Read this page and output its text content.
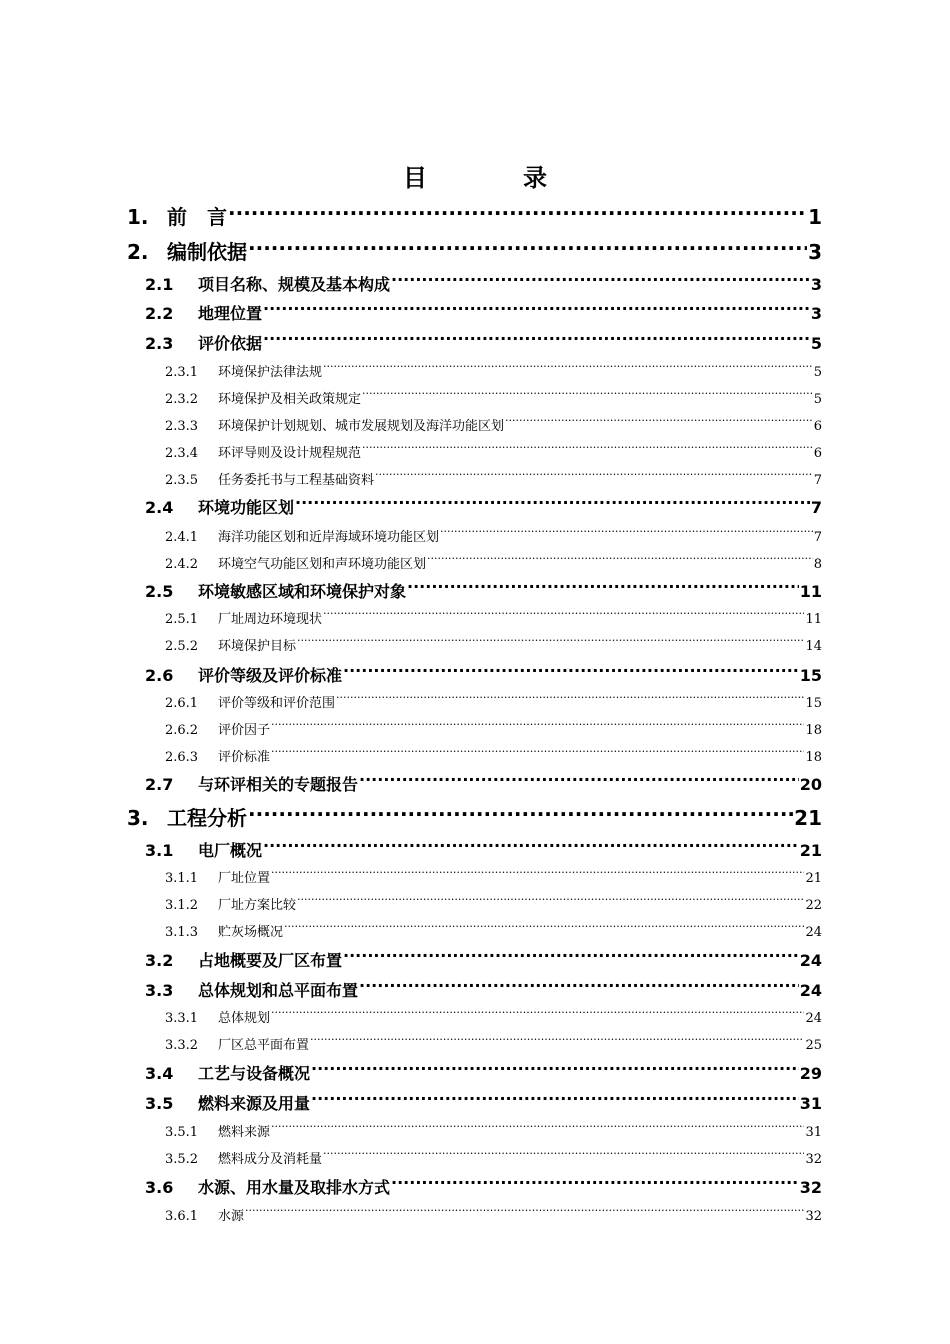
目　录
1. 前　言 .....	1
2. 编制依据 .....	3
2.1	项目名称、规模及基本构成 .....	3
2.2	地理位置 .....	3
2.3	评价依据 .....	5
2.3.1	环境保护法律法规 .....	5
2.3.2	环境保护及相关政策规定 .....	5
2.3.3	环境保护计划规划、城市发展规划及海洋功能区划 .....	6
2.3.4	环评导则及设计规程规范 .....	6
2.3.5	任务委托书与工程基础资料 .....	7
2.4	环境功能区划 .....	7
2.4.1	海洋功能区划和近岸海域环境功能区划 .....	7
2.4.2	环境空气功能区划和声环境功能区划 .....	8
2.5	环境敏感区域和环境保护对象 .....	11
2.5.1	厂址周边环境现状 .....	11
2.5.2	环境保护目标 .....	14
2.6	评价等级及评价标准 .....	15
2.6.1	评价等级和评价范围 .....	15
2.6.2	评价因子 .....	18
2.6.3	评价标准 .....	18
2.7	与环评相关的专题报告 .....	20
3. 工程分析 .....	21
3.1	电厂概况 .....	21
3.1.1	厂址位置 .....	21
3.1.2	厂址方案比较 .....	22
3.1.3	贮灰场概况 .....	24
3.2	占地概要及厂区布置 .....	24
3.3	总体规划和总平面布置 .....	24
3.3.1	总体规划 .....	24
3.3.2	厂区总平面布置 .....	25
3.4	工艺与设备概况 .....	29
3.5	燃料来源及用量 .....	31
3.5.1	燃料来源 .....	31
3.5.2	燃料成分及消耗量 .....	32
3.6	水源、用水量及取排水方式 .....	32
3.6.1	水源 .....	32
